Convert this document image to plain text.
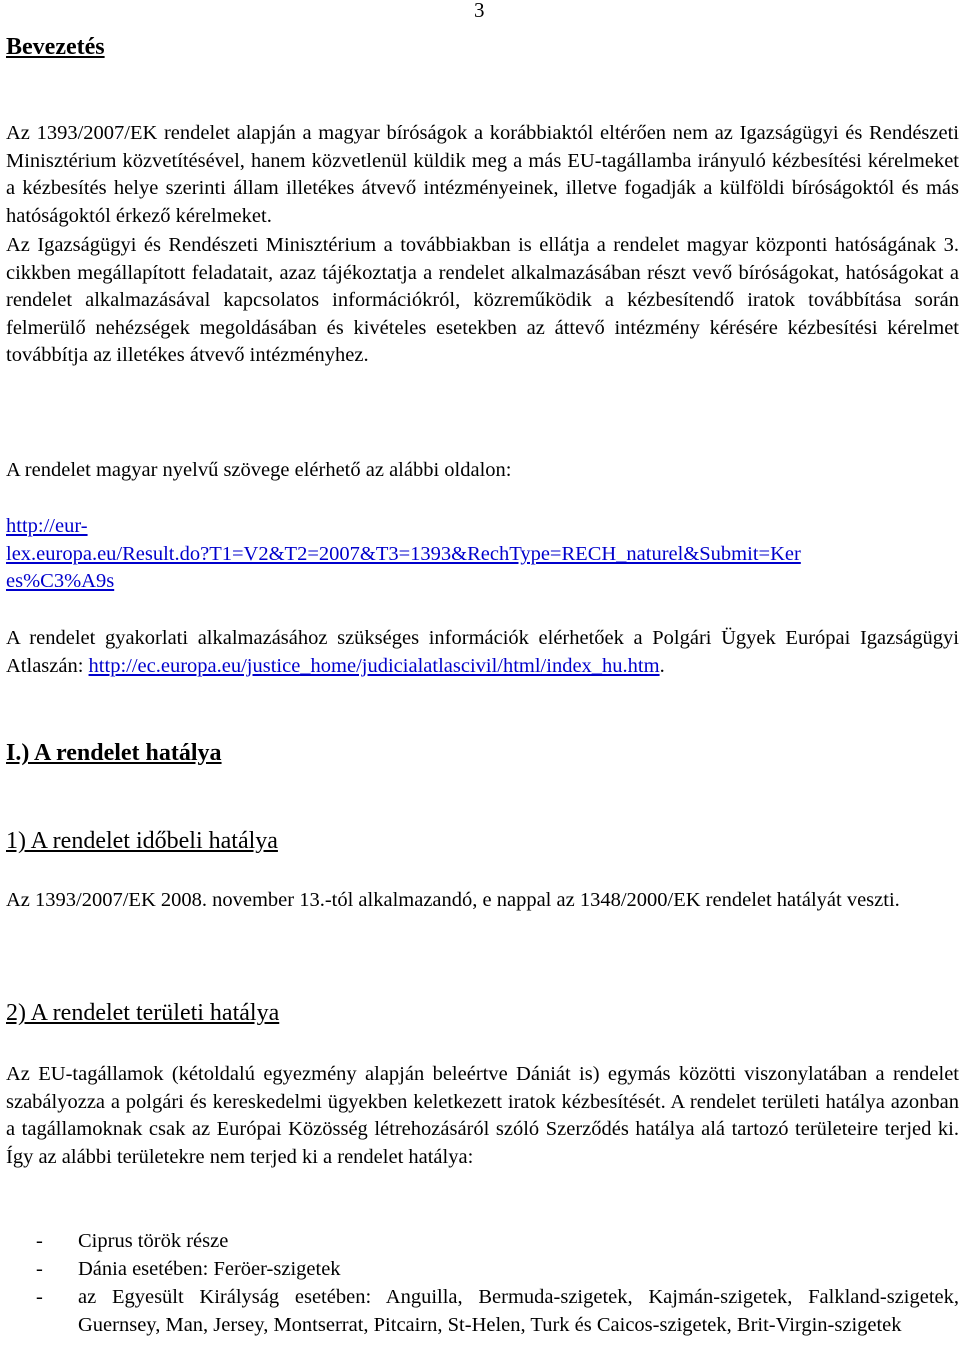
3
Bevezetés
Az 1393/2007/EK rendelet alapján a magyar bíróságok a korábbiaktól eltérően nem az Igazságügyi és Rendészeti Minisztérium közvetítésével, hanem közvetlenül küldik meg a más EU-tagállamba irányuló kézbesítési kérelmeket a kézbesítés helye szerinti állam illetékes átvevő intézményeinek, illetve fogadják a külföldi bíróságoktól és más hatóságoktól érkező kérelmeket.
Az Igazságügyi és Rendészeti Minisztérium a továbbiakban is ellátja a rendelet magyar központi hatóságának 3. cikkben megállapított feladatait, azaz tájékoztatja a rendelet alkalmazásában részt vevő bíróságokat, hatóságokat a rendelet alkalmazásával kapcsolatos információkról, közreműködik a kézbesítendő iratok továbbítása során felmerülő nehézségek megoldásában és kivételes esetekben az áttevő intézmény kérésére kézbesítési kérelmet továbbítja az illetékes átvevő intézményhez.
A rendelet magyar nyelvű szövege elérhető az alábbi oldalon:
http://eur-
lex.europa.eu/Result.do?T1=V2&T2=2007&T3=1393&RechType=RECH_naturel&Submit=Ker
es%C3%A9s
A rendelet gyakorlati alkalmazásához szükséges információk elérhetőek a Polgári Ügyek Európai Igazságügyi Atlaszán: http://ec.europa.eu/justice_home/judicialatlascivil/html/index_hu.htm.
I.) A rendelet hatálya
1) A rendelet időbeli hatálya
Az 1393/2007/EK 2008. november 13.-tól alkalmazandó, e nappal az 1348/2000/EK rendelet hatályát veszti.
2) A rendelet területi hatálya
Az EU-tagállamok (kétoldalú egyezmény alapján beleértve Dániát is) egymás közötti viszonylatában a rendelet szabályozza a polgári és kereskedelmi ügyekben keletkezett iratok kézbesítését. A rendelet területi hatálya azonban a tagállamoknak csak az Európai Közösség létrehozásáról szóló Szerződés hatálya alá tartozó területeire terjed ki. Így az alábbi területekre nem terjed ki a rendelet hatálya:
-	Ciprus török része
-	Dánia esetében: Feröer-szigetek
-	az Egyesült Királyság esetében: Anguilla, Bermuda-szigetek, Kajmán-szigetek, Falkland-szigetek, Guernsey, Man, Jersey, Montserrat, Pitcairn, St-Helen, Turk és Caicos-szigetek, Brit-Virgin-szigetek
